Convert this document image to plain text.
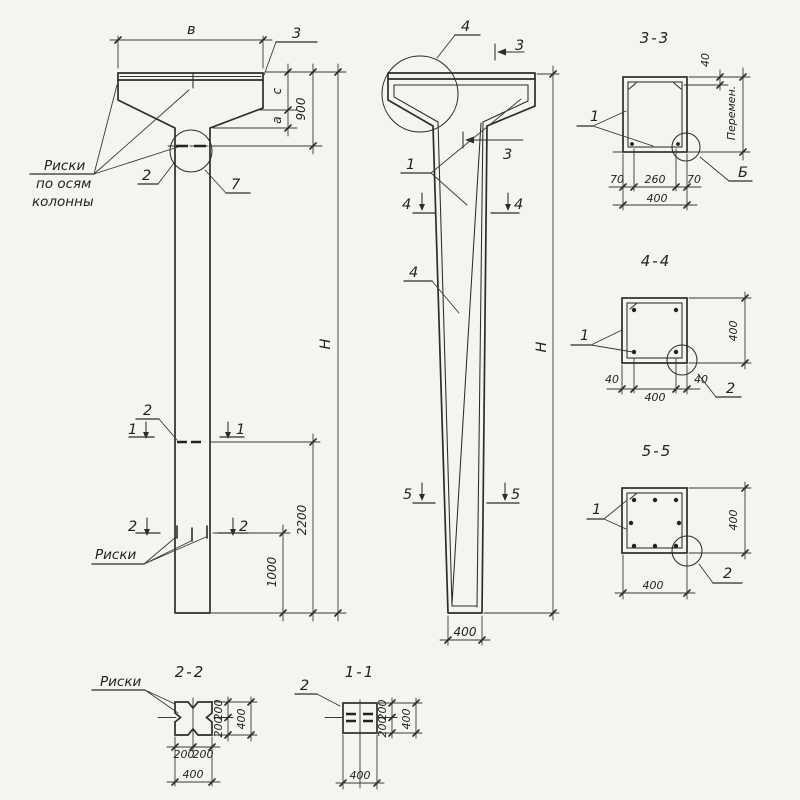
в	3
с
а 900
H
2200
1000
Риски
по осям
колонны
2
7
1	1
2
2	2
Риски
4
3
3
1
4	4
4
5	5
H
400
3-3
40
Перемен.
Б
1
70 260 70
400
4-4
1
2
40
400
40
400
5-5
1
2
400
400
2-2
Риски
200
200 400
200
200
400
1-1
2
200
200 400
400
